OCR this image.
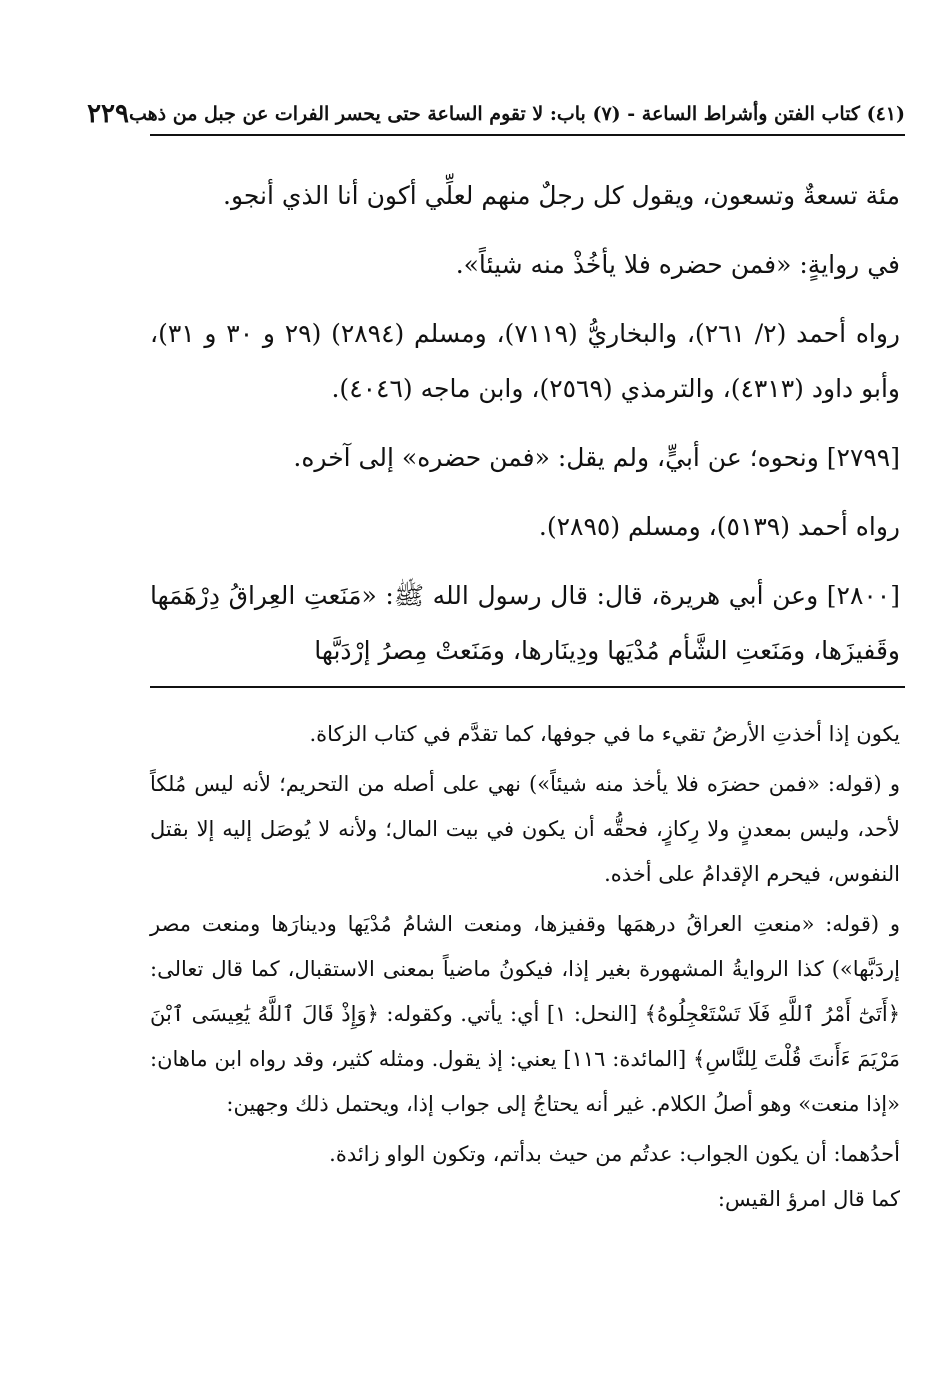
(٤١) كتاب الفتن وأشراط الساعة - (٧) باب: لا تقوم الساعة حتى يحسر الفرات عن جبل من ذهب
٢٢٩

مئة تسعةٌ وتسعون، ويقول كل رجلٌ منهم لعلِّي أكون أنا الذي أنجو.

في روايةٍ: «فمن حضره فلا يأخُذْ منه شيئاً».

رواه أحمد (٢/ ٢٦١)، والبخاريُّ (٧١١٩)، ومسلم (٢٨٩٤) (٢٩ و ٣٠ و ٣١)، وأبو داود (٤٣١٣)، والترمذي (٢٥٦٩)، وابن ماجه (٤٠٤٦).

[٢٧٩٩] ونحوه؛ عن أبيٍّ، ولم يقل: «فمن حضره» إلى آخره.

رواه أحمد (٥١٣٩)، ومسلم (٢٨٩٥).

[٢٨٠٠] وعن أبي هريرة، قال: قال رسول الله ﷺ: «مَنَعتِ العِراقُ دِرْهَمَها وقَفيزَها، ومَنَعتِ الشَّأم مُدْيَها ودِينَارها، ومَنَعتْ مِصرُ إرْدَبَّها

يكون إذا أخذتِ الأرضُ تقيء ما في جوفها، كما تقدَّم في كتاب الزكاة.

و (قوله: «فمن حضرَه فلا يأخذ منه شيئاً») نهي على أصله من التحريم؛ لأنه ليس مُلكاً لأحد، وليس بمعدنٍ ولا رِكازٍ، فحقُّه أن يكون في بيت المال؛ ولأنه لا يُوصَل إليه إلا بقتل النفوس، فيحرم الإقدامُ على أخذه.

و (قوله: «منعتِ العراقُ درهمَها وقفيزها، ومنعت الشامُ مُدْيَها ودينارَها ومنعت مصر إردَبَّها») كذا الروايةُ المشهورة بغير إذا، فيكونُ ماضياً بمعنى الاستقبال، كما قال تعالى: ﴿أَتَىٰٓ أَمْرُ ٱللَّهِ فَلَا تَسْتَعْجِلُوهُ﴾ [النحل: ١] أي: يأتي. وكقوله: ﴿وَإِذْ قَالَ ٱللَّهُ يَٰعِيسَى ٱبْنَ مَرْيَمَ ءَأَنتَ قُلْتَ لِلنَّاسِ﴾ [المائدة: ١١٦] يعني: إذ يقول. ومثله كثير، وقد رواه ابن ماهان: «إذا منعت» وهو أصلُ الكلام. غير أنه يحتاجُ إلى جواب إذا، ويحتمل ذلك وجهين:

أحدُهما: أن يكون الجواب: عدتُم من حيث بدأتم، وتكون الواو زائدة.

كما قال امرؤ القيس:
